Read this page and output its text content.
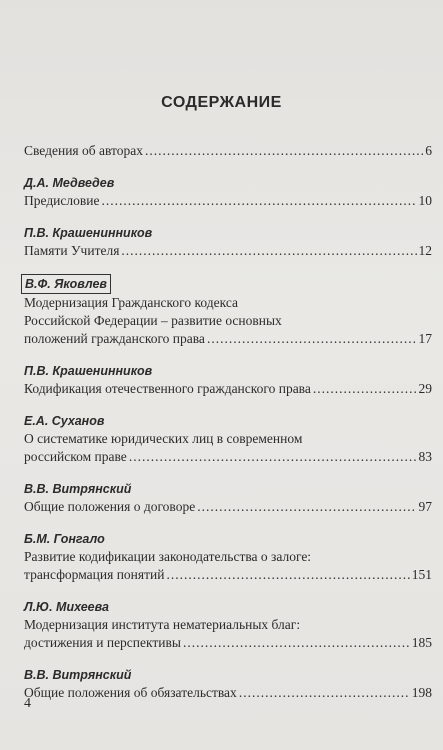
СОДЕРЖАНИЕ
Сведения об авторах .....	6
Д.А. Медведев
Предисловие .....	10
П.В. Крашенинников
Памяти Учителя .....	12
В.Ф. Яковлев
Модернизация Гражданского кодекса
Российской Федерации – развитие основных
положений гражданского права .....	17
П.В. Крашенинников
Кодификация отечественного гражданского права .....	29
Е.А. Суханов
О систематике юридических лиц в современном
российском праве .....	83
В.В. Витрянский
Общие положения о договоре .....	97
Б.М. Гонгало
Развитие кодификации законодательства о залоге:
трансформация понятий .....	151
Л.Ю. Михеева
Модернизация института нематериальных благ:
достижения и перспективы .....	185
В.В. Витрянский
Общие положения об обязательствах .....	198
4
